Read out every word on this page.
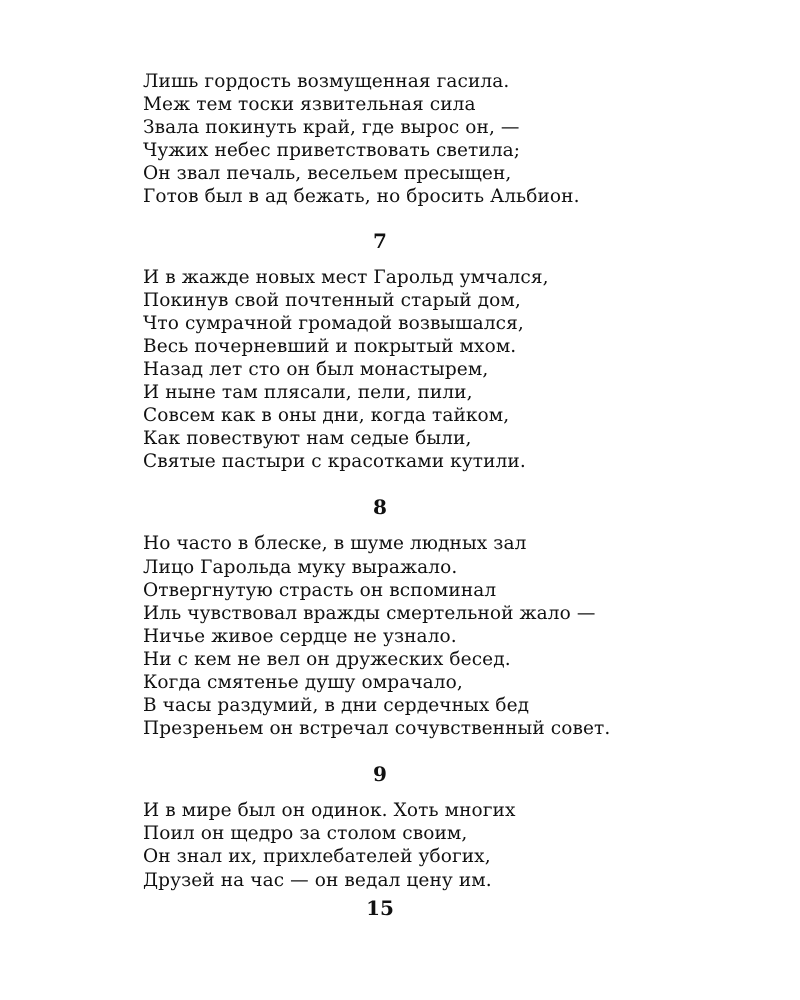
Лишь гордость возмущенная гасила.
Меж тем тоски язвительная сила
Звала покинуть край, где вырос он, —
Чужих небес приветствовать светила;
Он звал печаль, весельем пресыщен,
Готов был в ад бежать, но бросить Альбион.
7
И в жажде новых мест Гарольд умчался,
Покинув свой почтенный старый дом,
Что сумрачной громадой возвышался,
Весь почерневший и покрытый мхом.
Назад лет сто он был монастырем,
И ныне там плясали, пели, пили,
Совсем как в оны дни, когда тайком,
Как повествуют нам седые были,
Святые пастыри с красотками кутили.
8
Но часто в блеске, в шуме людных зал
Лицо Гарольда муку выражало.
Отвергнутую страсть он вспоминал
Иль чувствовал вражды смертельной жало —
Ничье живое сердце не узнало.
Ни с кем не вел он дружеских бесед.
Когда смятенье душу омрачало,
В часы раздумий, в дни сердечных бед
Презреньем он встречал сочувственный совет.
9
И в мире был он одинок. Хоть многих
Поил он щедро за столом своим,
Он знал их, прихлебателей убогих,
Друзей на час — он ведал цену им.
15
